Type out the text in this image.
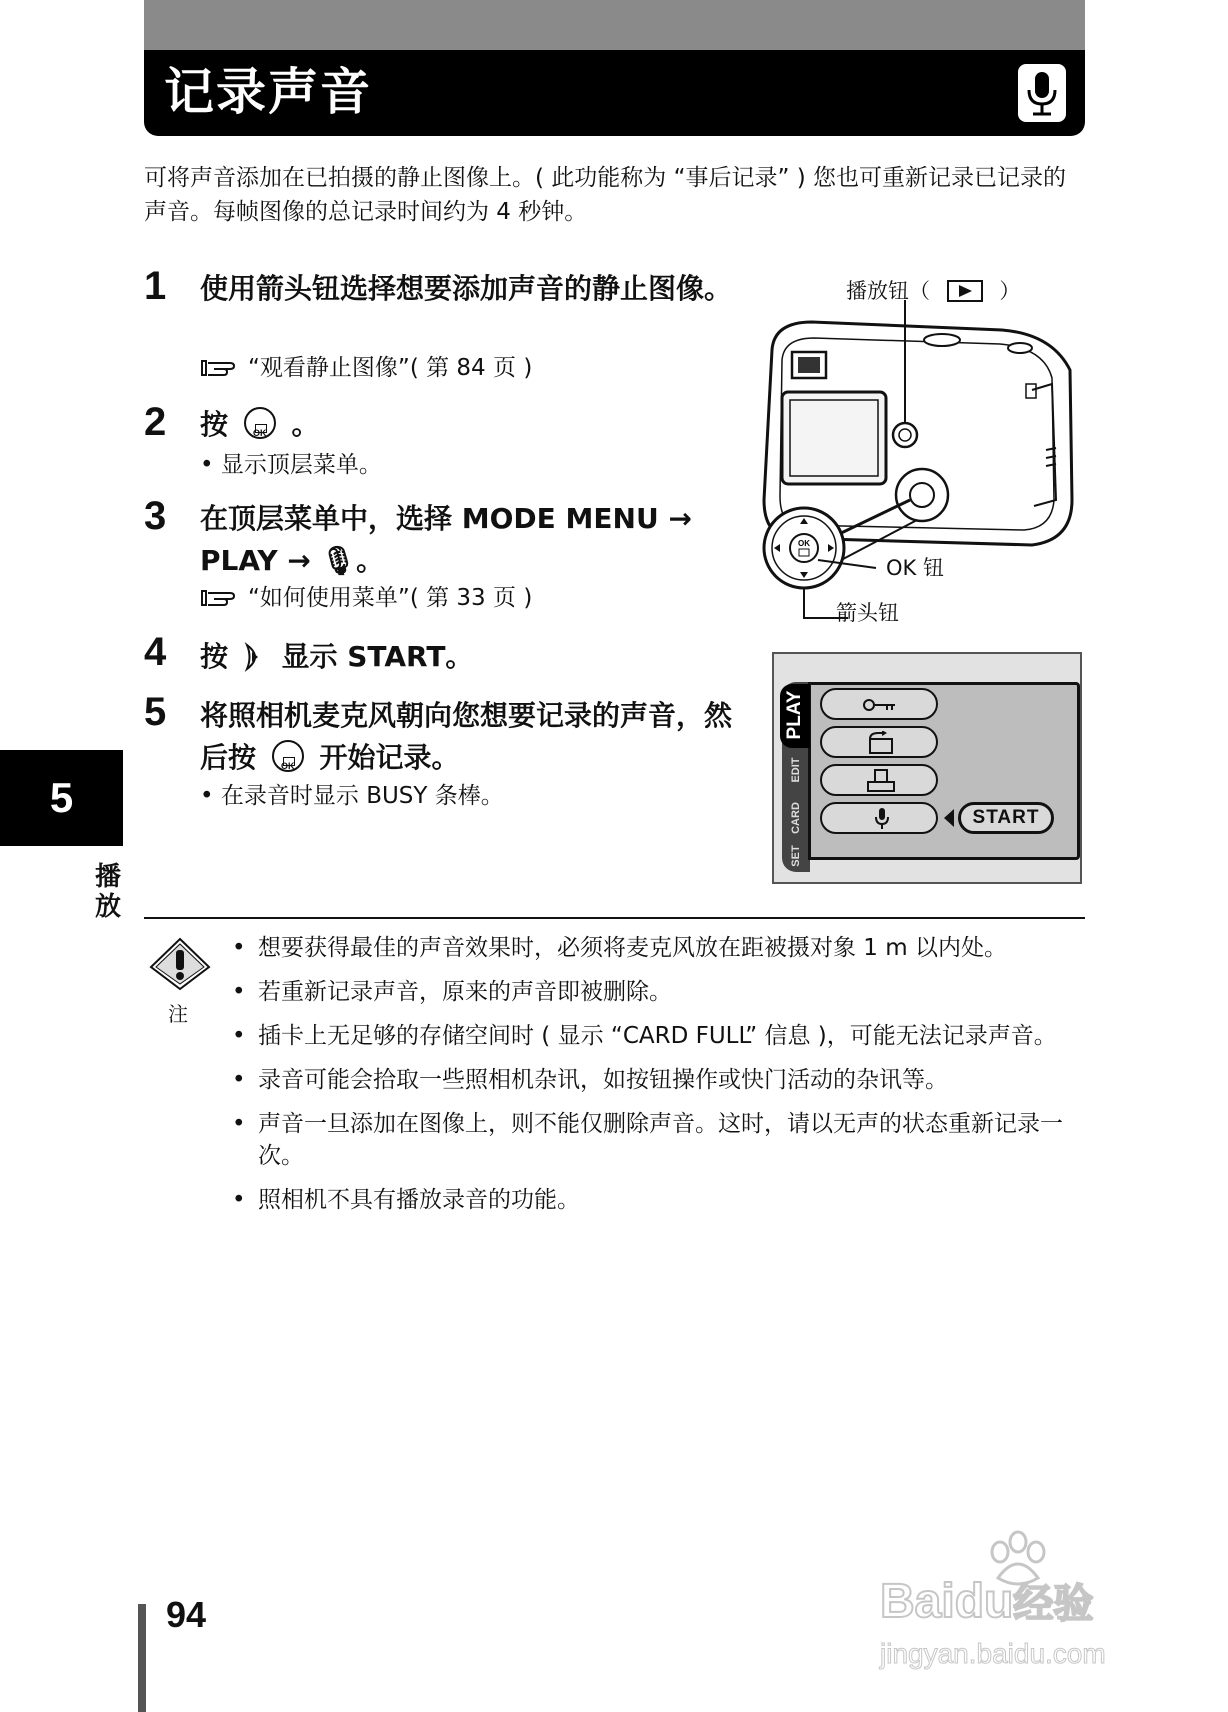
记录声音
可将声音添加在已拍摄的静止图像上。( 此功能称为 “事后记录” ) 您也可重新记录已记录的声音。每帧图像的总记录时间约为 4 秒钟。
1 使用箭头钮选择想要添加声音的静止图像。
“观看静止图像”( 第 84 页 )
2 按	OK 。
• 显示顶层菜单。
3 在顶层菜单中，选择 MODE MENU → PLAY → 🎙。
“如何使用菜单”( 第 33 页 )
4 按 显示 START。
5 将照相机麦克风朝向您想要记录的声音，然后按	OK 开始记录。
• 在录音时显示 BUSY 条棒。
播放钮（	）
OK
OK 钮
箭头钮
PLAY
EDIT
CARD
SET
START
5
播放
注
• 想要获得最佳的声音效果时，必须将麦克风放在距被摄对象 1 m 以内处。
• 若重新记录声音，原来的声音即被删除。
• 插卡上无足够的存储空间时 ( 显示 “CARD FULL” 信息 )，可能无法记录声音。
• 录音可能会拾取一些照相机杂讯，如按钮操作或快门活动的杂讯等。
• 声音一旦添加在图像上，则不能仅删除声音。这时，请以无声的状态重新记录一次。
• 照相机不具有播放录音的功能。
94	Baidu经验
jingyan.baidu.com
